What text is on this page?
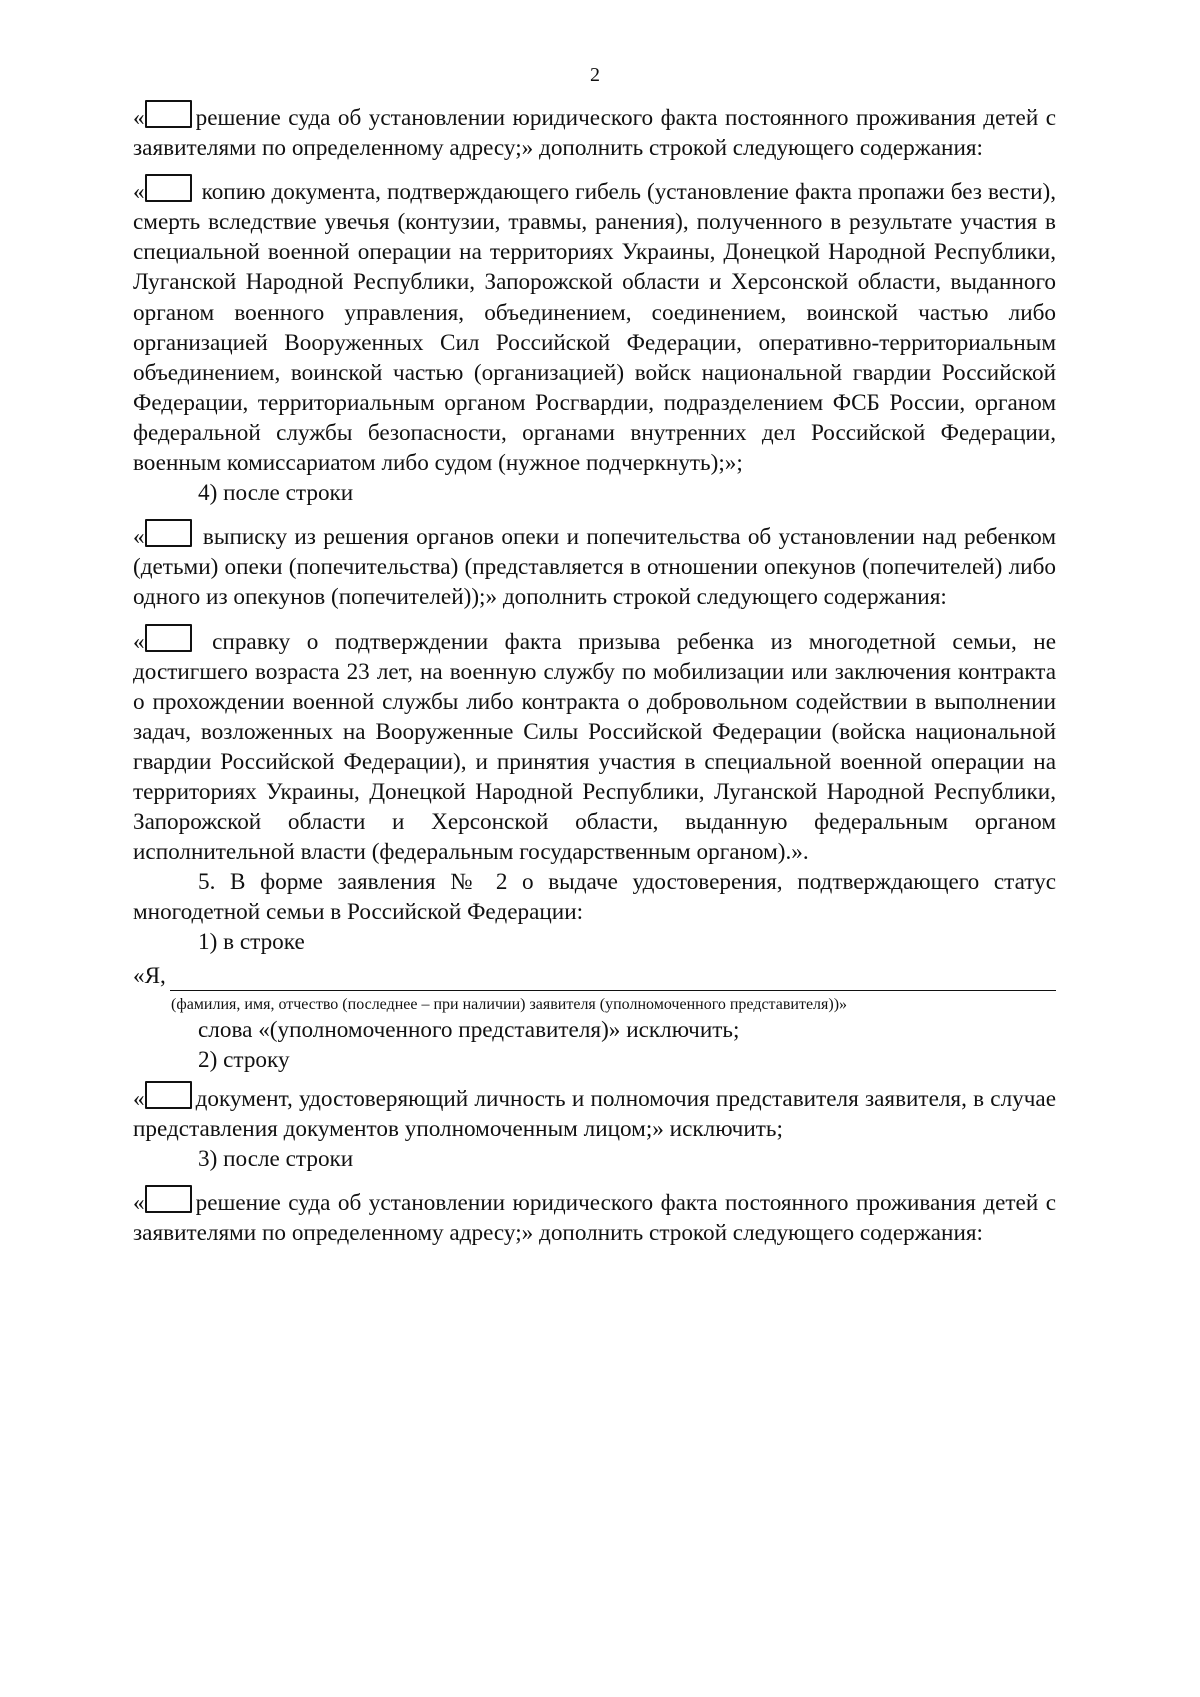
2

« решение суда об установлении юридического факта постоянного проживания детей с заявителями по определенному адресу;» дополнить строкой следующего содержания:

« копию документа, подтверждающего гибель (установление факта пропажи без вести), смерть вследствие увечья (контузии, травмы, ранения), полученного в результате участия в специальной военной операции на территориях Украины, Донецкой Народной Республики, Луганской Народной Республики, Запорожской области и Херсонской области, выданного органом военного управления, объединением, соединением, воинской частью либо организацией Вооруженных Сил Российской Федерации, оперативно-территориальным объединением, воинской частью (организацией) войск национальной гвардии Российской Федерации, территориальным органом Росгвардии, подразделением ФСБ России, органом федеральной службы безопасности, органами внутренних дел Российской Федерации, военным комиссариатом либо судом (нужное подчеркнуть);»;

4) после строки

« выписку из решения органов опеки и попечительства об установлении над ребенком (детьми) опеки (попечительства) (представляется в отношении опекунов (попечителей) либо одного из опекунов (попечителей));» дополнить строкой следующего содержания:

« справку о подтверждении факта призыва ребенка из многодетной семьи, не достигшего возраста 23 лет, на военную службу по мобилизации или заключения контракта о прохождении военной службы либо контракта о добровольном содействии в выполнении задач, возложенных на Вооруженные Силы Российской Федерации (войска национальной гвардии Российской Федерации), и принятия участия в специальной военной операции на территориях Украины, Донецкой Народной Республики, Луганской Народной Республики, Запорожской области и Херсонской области, выданную федеральным органом исполнительной власти (федеральным государственным органом).».

5. В форме заявления № 2 о выдаче удостоверения, подтверждающего статус многодетной семьи в Российской Федерации:

1) в строке

«Я,
(фамилия, имя, отчество (последнее – при наличии) заявителя (уполномоченного представителя))»

слова «(уполномоченного представителя)» исключить;

2) строку

« документ, удостоверяющий личность и полномочия представителя заявителя, в случае представления документов уполномоченным лицом;» исключить;

3) после строки

« решение суда об установлении юридического факта постоянного проживания детей с заявителями по определенному адресу;» дополнить строкой следующего содержания:
